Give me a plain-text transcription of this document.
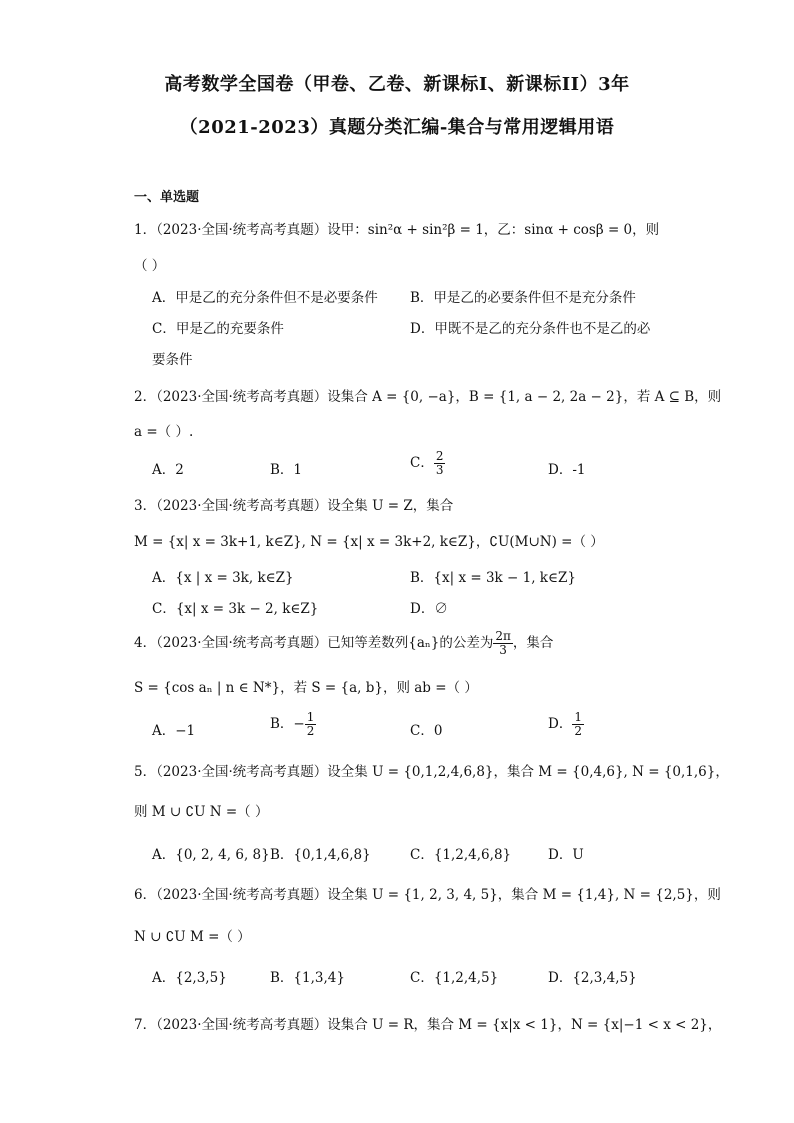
高考数学全国卷（甲卷、乙卷、新课标I、新课标II）3年
（2021-2023）真题分类汇编-集合与常用逻辑用语
一、单选题
1．（2023·全国·统考高考真题）设甲：sin²α + sin²β = 1，乙：sinα + cosβ = 0，则
（ ）
A．甲是乙的充分条件但不是必要条件 B．甲是乙的必要条件但不是充分条件
C．甲是乙的充要条件	D．甲既不是乙的充分条件也不是乙的必
要条件
2．（2023·全国·统考高考真题）设集合 A = {0, −a}，B = {1, a − 2, 2a − 2}，若 A ⊆ B，则
a =（ ）.
A．2	B．1	C． $\frac{2}{3}$	D．-1
3．（2023·全国·统考高考真题）设全集 U = Z，集合
M = {x| x = 3k+1, k∈Z}, N = {x| x = 3k+2, k∈Z}，∁U(M∪N) =（ ）
A．{x | x = 3k, k∈Z}	B．{x| x = 3k − 1, k∈Z}
C．{x| x = 3k − 2, k∈Z}	D．∅
4．（2023·全国·统考高考真题）已知等差数列{aₙ}的公差为 $\frac{2\pi}{3}$ ，集合
S = {cos aₙ | n ∈ N*}，若 S = {a, b}，则 ab =（ ）
A．−1	B．− $\frac{1}{2}$	C．0	D． $\frac{1}{2}$
5．（2023·全国·统考高考真题）设全集 U = {0,1,2,4,6,8}，集合 M = {0,4,6}, N = {0,1,6}，
则 M ∪ ∁U N =（ ）
A．{0, 2, 4, 6, 8} B．{0,1,4,6,8}	C．{1,2,4,6,8}	D．U
6．（2023·全国·统考高考真题）设全集 U = {1, 2, 3, 4, 5}，集合 M = {1,4}, N = {2,5}，则
N ∪ ∁U M =（ ）
A．{2,3,5}	B．{1,3,4}	C．{1,2,4,5}	D．{2,3,4,5}
7．（2023·全国·统考高考真题）设集合 U = R，集合 M = {x|x < 1}，N = {x|−1 < x < 2}，
